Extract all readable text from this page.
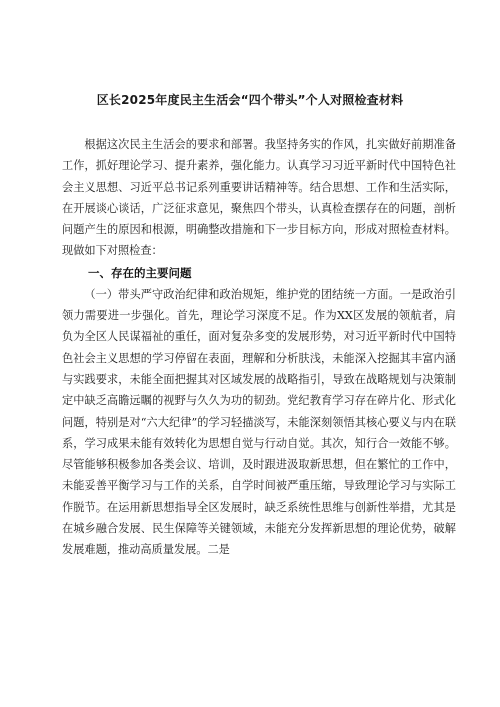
区长2025年度民主生活会“四个带头”个人对照检查材料

根据这次民主生活会的要求和部署。我坚持务实的作风，扎实做好前期准备工作，抓好理论学习、提升素养，强化能力。认真学习习近平新时代中国特色社会主义思想、习近平总书记系列重要讲话精神等。结合思想、工作和生活实际，在开展谈心谈话，广泛征求意见，聚焦四个带头，认真检查摆存在的问题，剖析问题产生的原因和根源，明确整改措施和下一步目标方向，形成对照检查材料。现做如下对照检查：

一、存在的主要问题

（一）带头严守政治纪律和政治规矩，维护党的团结统一方面。一是政治引领力需要进一步强化。首先，理论学习深度不足。作为XX区发展的领航者，肩负为全区人民谋福祉的重任，面对复杂多变的发展形势，对习近平新时代中国特色社会主义思想的学习停留在表面，理解和分析肤浅，未能深入挖掘其丰富内涵与实践要求，未能全面把握其对区域发展的战略指引，导致在战略规划与决策制定中缺乏高瞻远瞩的视野与久久为功的韧劲。党纪教育学习存在碎片化、形式化问题，特别是对“六大纪律”的学习轻描淡写，未能深刻领悟其核心要义与内在联系，学习成果未能有效转化为思想自觉与行动自觉。其次，知行合一效能不够。尽管能够积极参加各类会议、培训，及时跟进汲取新思想，但在繁忙的工作中，未能妥善平衡学习与工作的关系，自学时间被严重压缩，导致理论学习与实际工作脱节。在运用新思想指导全区发展时，缺乏系统性思维与创新性举措，尤其是在城乡融合发展、民生保障等关键领域，未能充分发挥新思想的理论优势，破解发展难题，推动高质量发展。二是
